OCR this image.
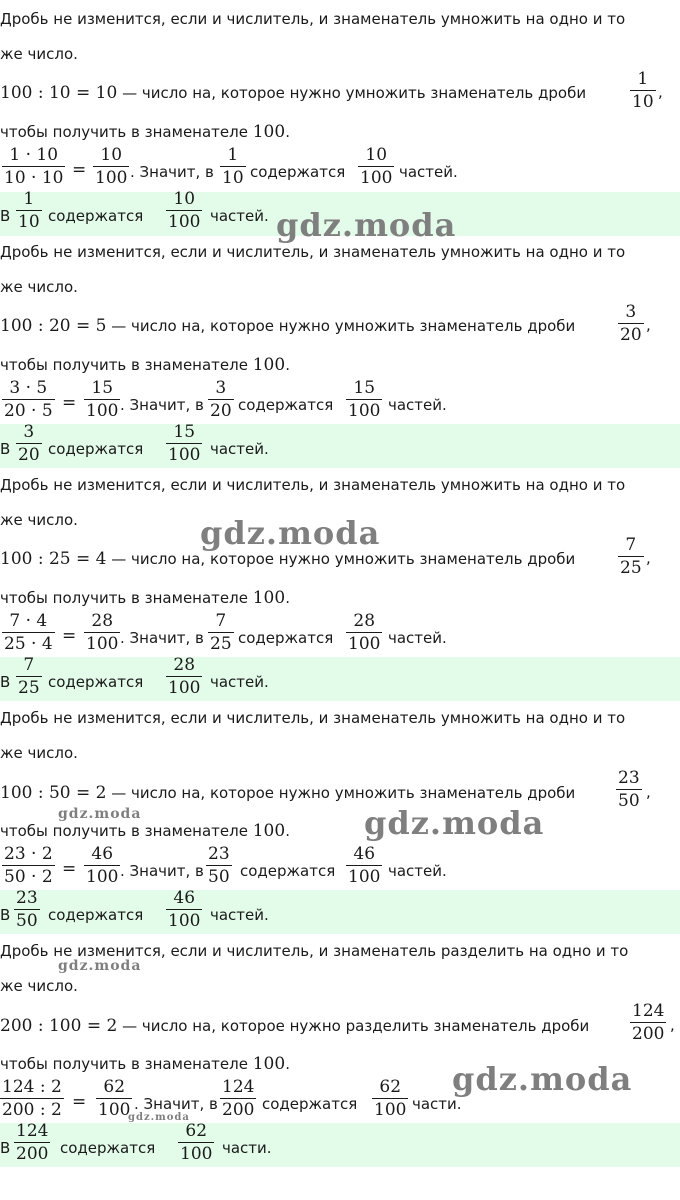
Дробь не изменится, если и числитель, и знаменатель умножить на одно и то
же число.
100 : 10 = 10 — число на, которое нужно умножить знаменатель дроби
1
10 ,
чтобы получить в знаменателе 100.
1 · 10
10 · 10 =
10
100 . Значит, в
1
10 содержатся
10
100 частей.
В
1
10 содержатся
10
100 частей.
Дробь не изменится, если и числитель, и знаменатель умножить на одно и то
же число.
100 : 20 = 5 — число на, которое нужно умножить знаменатель дроби
3
20 ,
чтобы получить в знаменателе 100.
3 · 5
20 · 5 =
15
100 . Значит, в
3
20 содержатся
15
100 частей.
В
3
20 содержатся
15
100 частей.
Дробь не изменится, если и числитель, и знаменатель умножить на одно и то
же число.
100 : 25 = 4 — число на, которое нужно умножить знаменатель дроби
7
25 ,
чтобы получить в знаменателе 100.
7 · 4
25 · 4 =
28
100 . Значит, в
7
25 содержатся
28
100 частей.
В
7
25 содержатся
28
100 частей.
Дробь не изменится, если и числитель, и знаменатель умножить на одно и то
же число.
100 : 50 = 2 — число на, которое нужно умножить знаменатель дроби
23
50 ,
чтобы получить в знаменателе 100.
23 · 2
50 · 2 =
46
100 . Значит, в
23
50 содержатся
46
100 частей.
В
23
50 содержатся
46
100 частей.
Дробь не изменится, если и числитель, и знаменатель разделить на одно и то
же число.
200 : 100 = 2 — число на, которое нужно разделить знаменатель дроби
124
200 ,
чтобы получить в знаменателе 100.
124 : 2
200 : 2 =
62
100 . Значит, в
124
200 содержатся
62
100 части.
В
124
200 содержатся
62
100 части.
gdz.moda
gdz.moda
gdz.moda
gdz.moda
gdz.moda
gdz.moda
gdz.moda
